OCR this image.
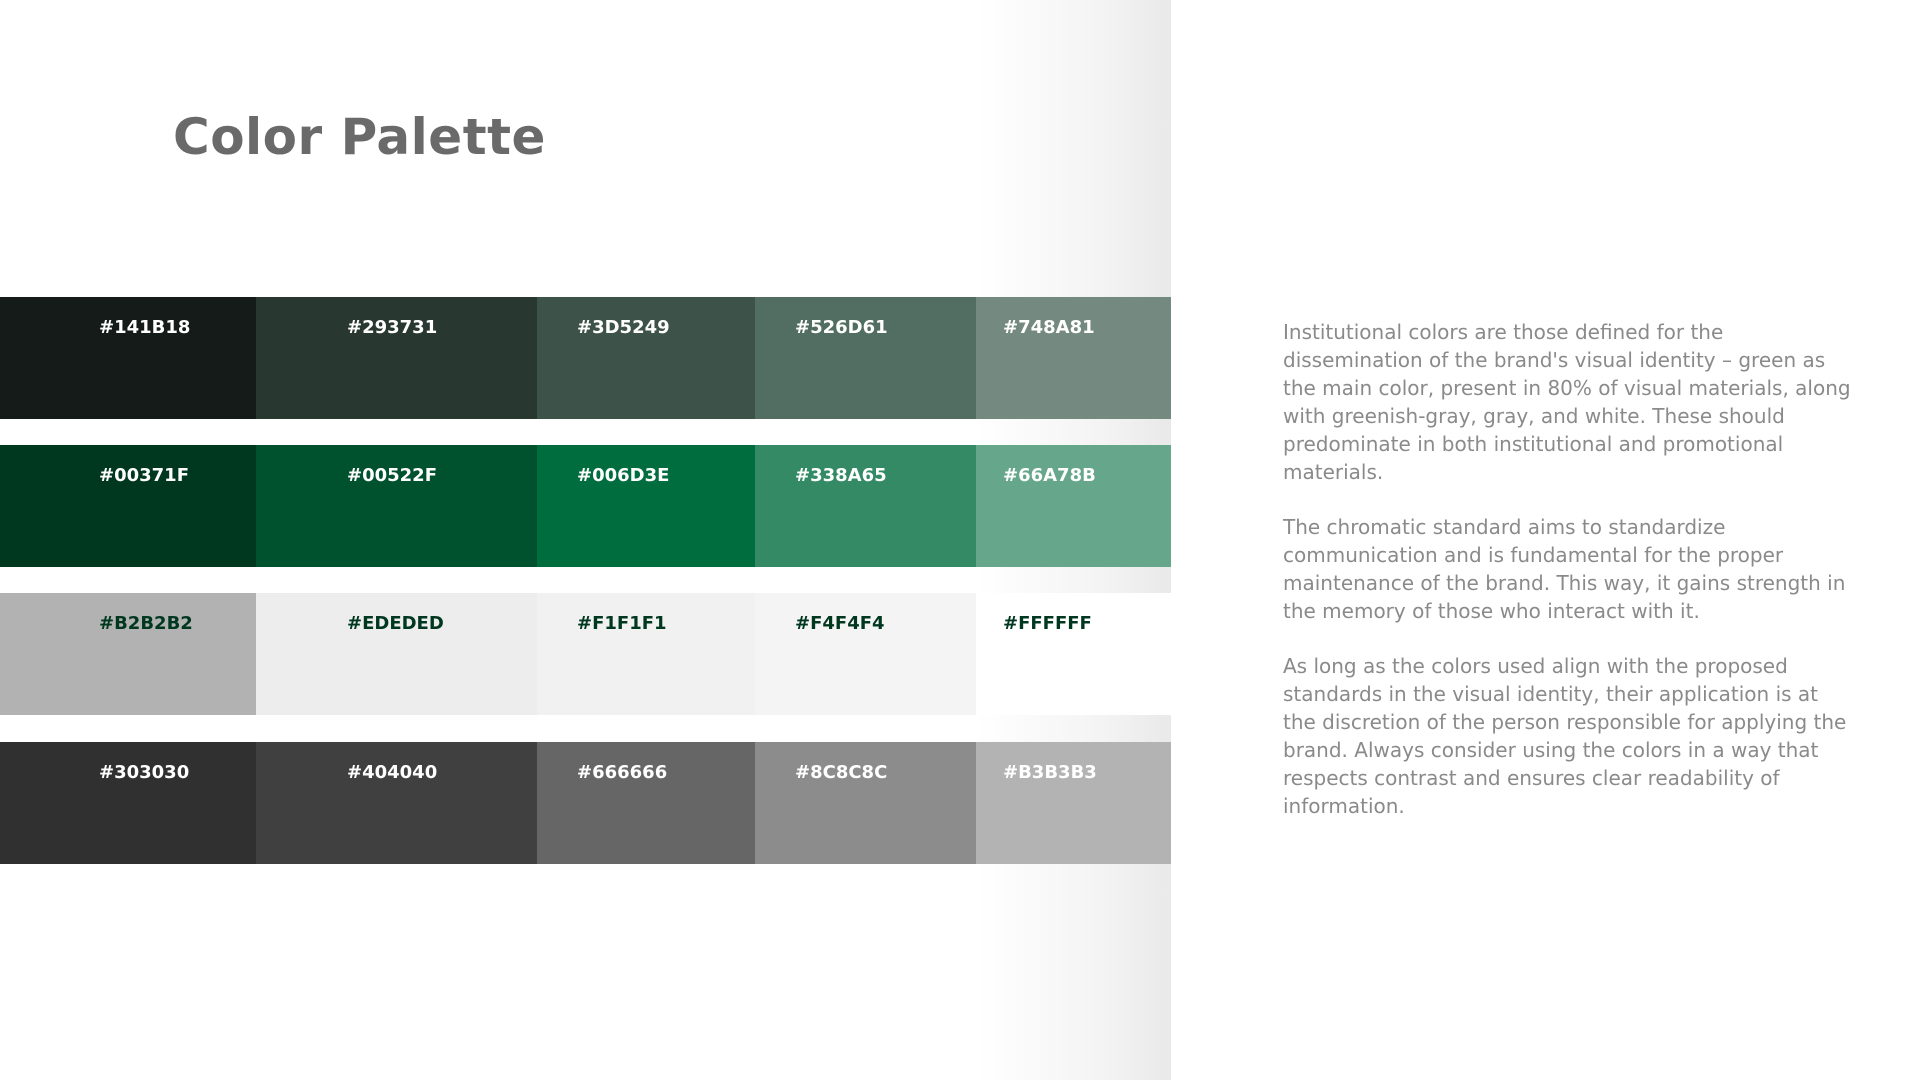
Color Palette
#141B18	#293731	#3D5249	#526D61	#748A81
#00371F	#00522F	#006D3E	#338A65	#66A78B
#B2B2B2	#EDEDED	#F1F1F1	#F4F4F4	#FFFFFF
#303030	#404040	#666666	#8C8C8C	#B3B3B3

Institutional colors are those defined for the dissemination of the brand's visual identity – green as the main color, present in 80% of visual materials, along with greenish-gray, gray, and white. These should predominate in both institutional and promotional materials.

The chromatic standard aims to standardize communication and is fundamental for the proper maintenance of the brand. This way, it gains strength in the memory of those who interact with it.

As long as the colors used align with the proposed standards in the visual identity, their application is at the discretion of the person responsible for applying the brand. Always consider using the colors in a way that respects contrast and ensures clear readability of information.
